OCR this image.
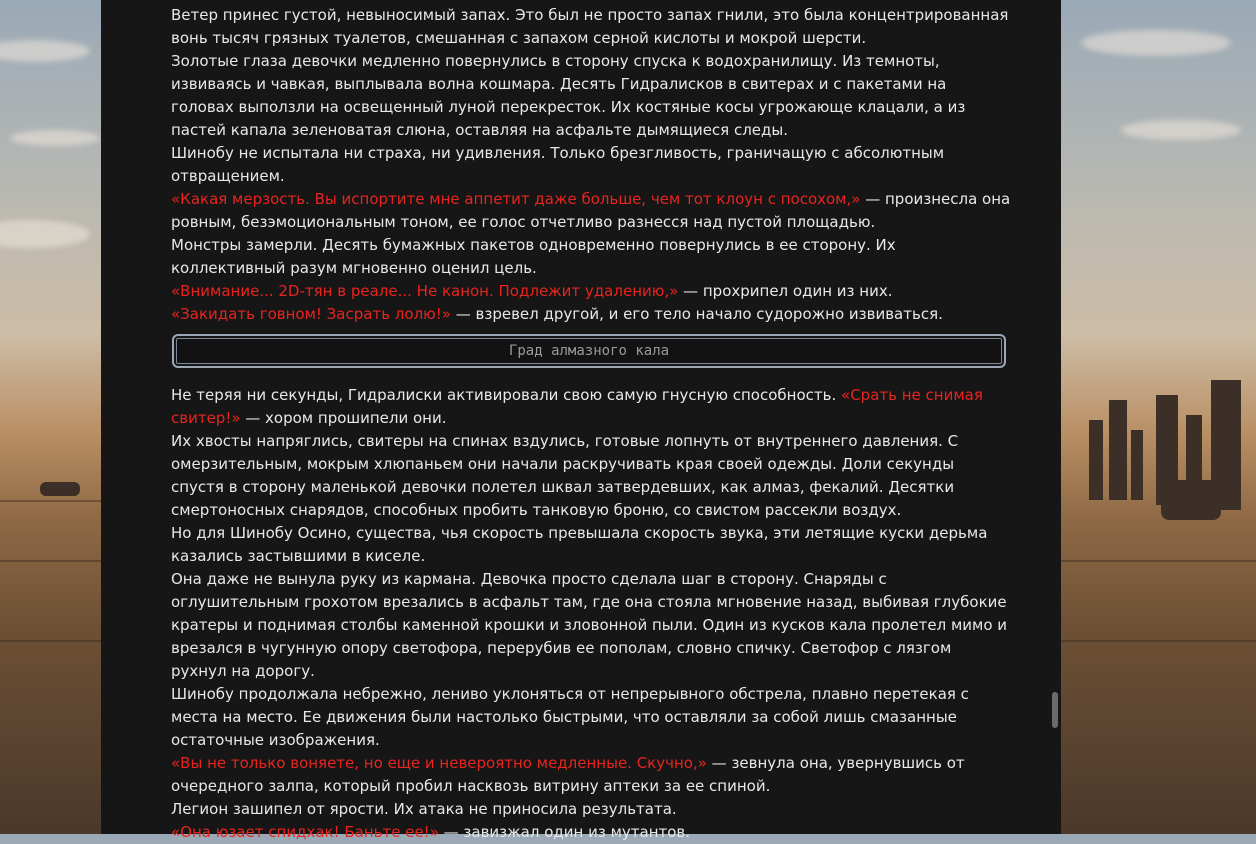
Ветер принес густой, невыносимый запах. Это был не просто запах гнили, это была концентрированная вонь тысяч грязных туалетов, смешанная с запахом серной кислоты и мокрой шерсти.

Золотые глаза девочки медленно повернулись в сторону спуска к водохранилищу. Из темноты, извиваясь и чавкая, выплывала волна кошмара. Десять Гидралисков в свитерах и с пакетами на головах выползли на освещенный луной перекресток. Их костяные косы угрожающе клацали, а из пастей капала зеленоватая слюна, оставляя на асфальте дымящиеся следы.

Шинобу не испытала ни страха, ни удивления. Только брезгливость, граничащую с абсолютным отвращением.

«Какая мерзость. Вы испортите мне аппетит даже больше, чем тот клоун с посохом,» — произнесла она ровным, безэмоциональным тоном, ее голос отчетливо разнесся над пустой площадью.

Монстры замерли. Десять бумажных пакетов одновременно повернулись в ее сторону. Их коллективный разум мгновенно оценил цель.

«Внимание... 2D-тян в реале... Не канон. Подлежит удалению,» — прохрипел один из них.

«Закидать говном! Засрать лолю!» — взревел другой, и его тело начало судорожно извиваться.

Град алмазного кала

Не теряя ни секунды, Гидралиски активировали свою самую гнусную способность. «Срать не снимая свитер!» — хором прошипели они.

Их хвосты напряглись, свитеры на спинах вздулись, готовые лопнуть от внутреннего давления. С омерзительным, мокрым хлюпаньем они начали раскручивать края своей одежды. Доли секунды спустя в сторону маленькой девочки полетел шквал затвердевших, как алмаз, фекалий. Десятки смертоносных снарядов, способных пробить танковую броню, со свистом рассекли воздух.

Но для Шинобу Осино, существа, чья скорость превышала скорость звука, эти летящие куски дерьма казались застывшими в киселе.

Она даже не вынула руку из кармана. Девочка просто сделала шаг в сторону. Снаряды с оглушительным грохотом врезались в асфальт там, где она стояла мгновение назад, выбивая глубокие кратеры и поднимая столбы каменной крошки и зловонной пыли. Один из кусков кала пролетел мимо и врезался в чугунную опору светофора, перерубив ее пополам, словно спичку. Светофор с лязгом рухнул на дорогу.

Шинобу продолжала небрежно, лениво уклоняться от непрерывного обстрела, плавно перетекая с места на место. Ее движения были настолько быстрыми, что оставляли за собой лишь смазанные остаточные изображения.

«Вы не только воняете, но еще и невероятно медленные. Скучно,» — зевнула она, увернувшись от очередного залпа, который пробил насквозь витрину аптеки за ее спиной.

Легион зашипел от ярости. Их атака не приносила результата.

«Она юзает спидхак! Баньте ее!» — завизжал один из мутантов.
